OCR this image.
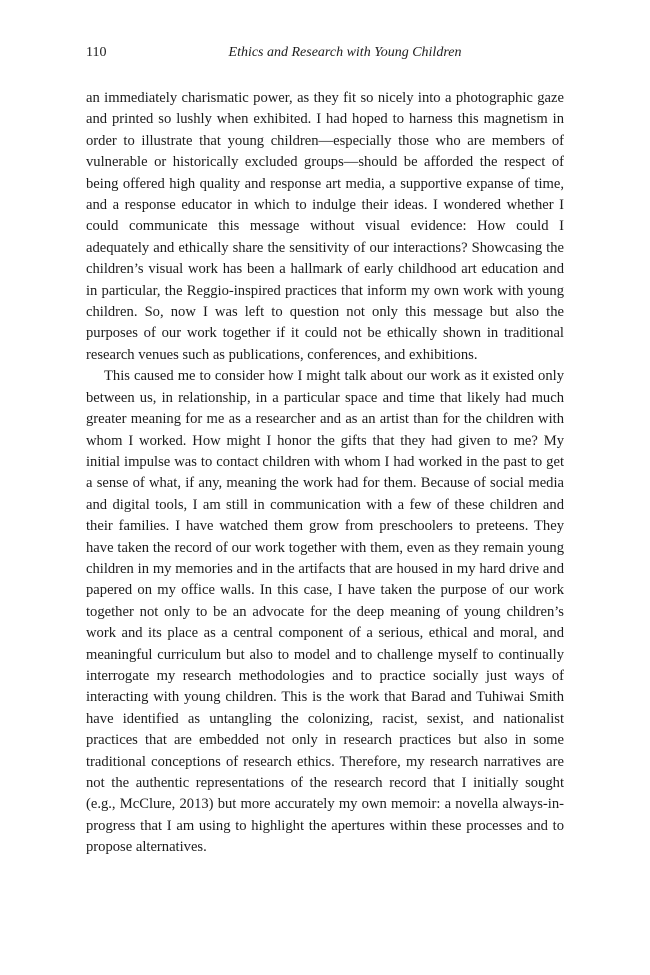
110	Ethics and Research with Young Children

an immediately charismatic power, as they fit so nicely into a photographic gaze and printed so lushly when exhibited. I had hoped to harness this magnetism in order to illustrate that young children—especially those who are members of vulnerable or historically excluded groups—should be afforded the respect of being offered high quality and response art media, a supportive expanse of time, and a response educator in which to indulge their ideas. I wondered whether I could communicate this message without visual evidence: How could I adequately and ethically share the sensitivity of our interactions? Showcasing the children’s visual work has been a hallmark of early childhood art education and in particular, the Reggio-inspired practices that inform my own work with young children. So, now I was left to question not only this message but also the purposes of our work together if it could not be ethically shown in traditional research venues such as publications, conferences, and exhibitions.

This caused me to consider how I might talk about our work as it existed only between us, in relationship, in a particular space and time that likely had much greater meaning for me as a researcher and as an artist than for the children with whom I worked. How might I honor the gifts that they had given to me? My initial impulse was to contact children with whom I had worked in the past to get a sense of what, if any, meaning the work had for them. Because of social media and digital tools, I am still in communication with a few of these children and their families. I have watched them grow from preschoolers to preteens. They have taken the record of our work together with them, even as they remain young children in my memories and in the artifacts that are housed in my hard drive and papered on my office walls. In this case, I have taken the purpose of our work together not only to be an advocate for the deep meaning of young children’s work and its place as a central component of a serious, ethical and moral, and meaningful curriculum but also to model and to challenge myself to continually interrogate my research methodologies and to practice socially just ways of interacting with young children. This is the work that Barad and Tuhiwai Smith have identified as untangling the colonizing, racist, sexist, and nationalist practices that are embedded not only in research practices but also in some traditional conceptions of research ethics. Therefore, my research narratives are not the authentic representations of the research record that I initially sought (e.g., McClure, 2013) but more accurately my own memoir: a novella always-in-progress that I am using to highlight the apertures within these processes and to propose alternatives.
